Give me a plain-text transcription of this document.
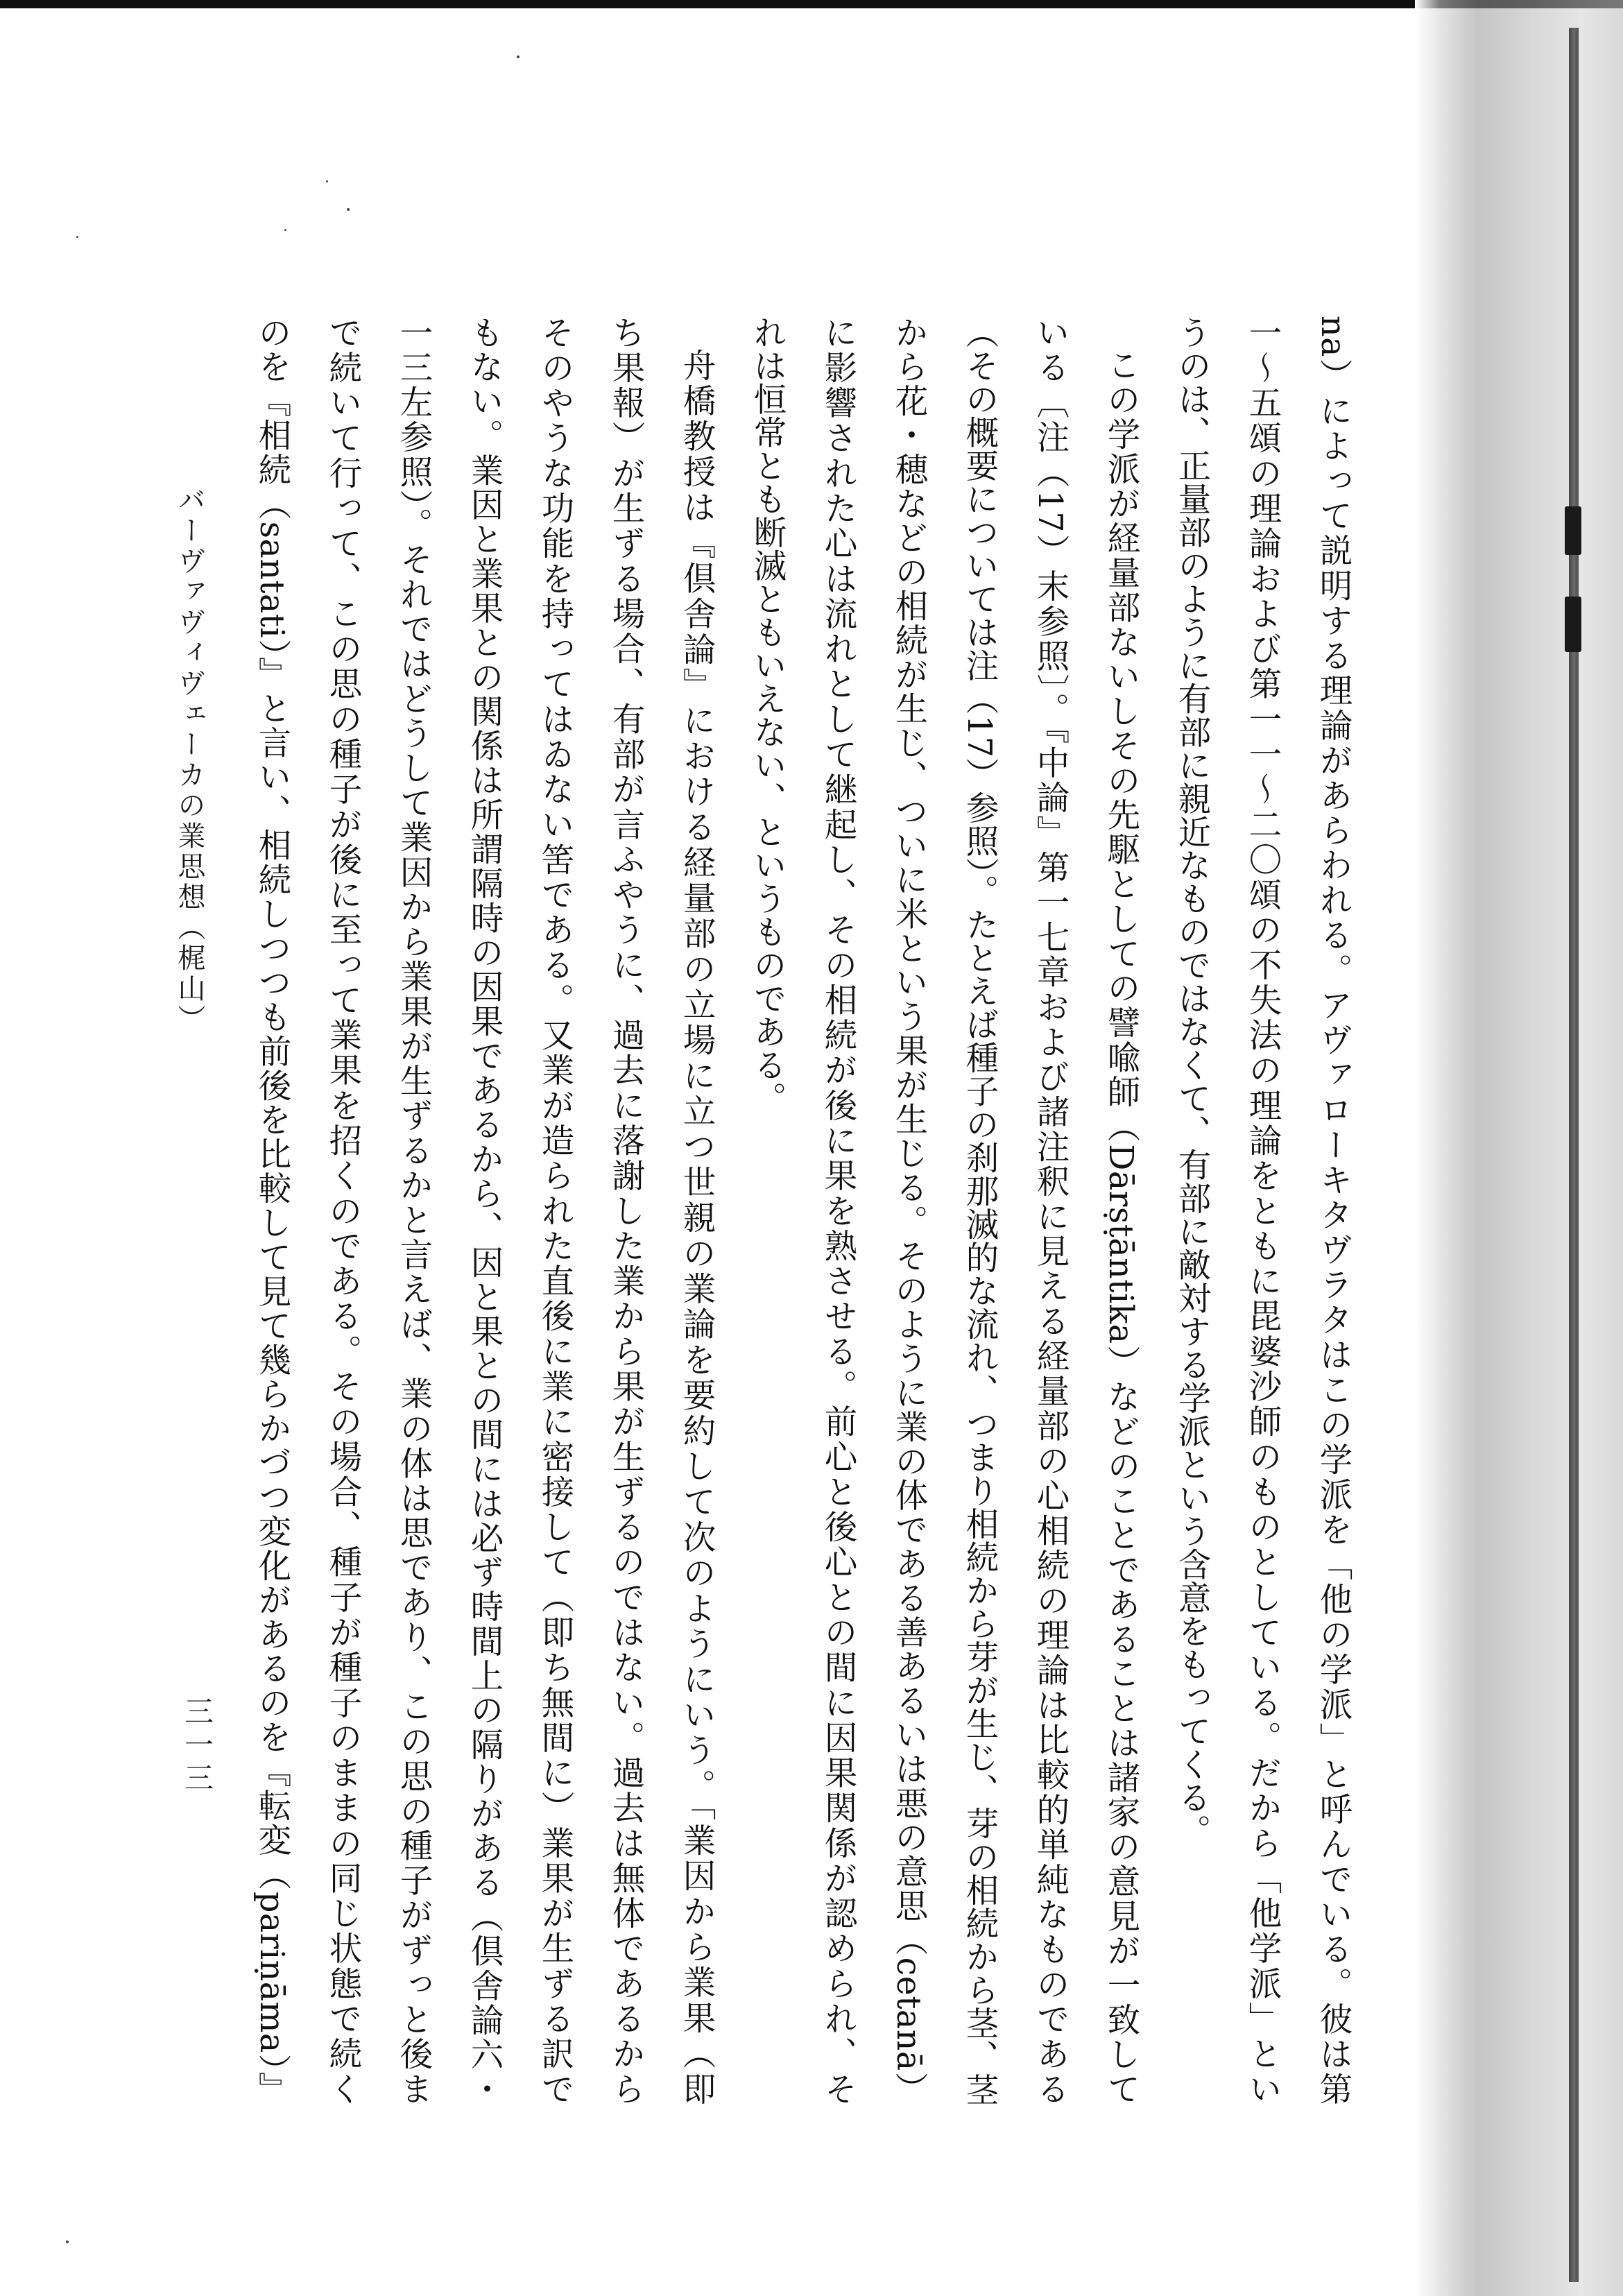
na）によって説明する理論があらわれる。アヴァローキタヴラタはこの学派を「他の学派」と呼んでいる。彼は第
一～五頌の理論および第一一～二〇頌の不失法の理論をともに毘婆沙師のものとしている。だから「他学派」とい
うのは、正量部のように有部に親近なものではなくて、有部に敵対する学派という含意をもってくる。
この学派が経量部ないしその先駆としての譬喩師（Dārṣṭāntika）などのことであることは諸家の意見が一致して
いる〔注（17）末参照〕。『中論』第一七章および諸注釈に見える経量部の心相続の理論は比較的単純なものである
（その概要については注（17）参照）。たとえば種子の刹那滅的な流れ、つまり相続から芽が生じ、芽の相続から茎、茎
から花・穂などの相続が生じ、ついに米という果が生じる。そのように業の体である善あるいは悪の意思（cetanā）
に影響された心は流れとして継起し、その相続が後に果を熟させる。前心と後心との間に因果関係が認められ、そ
れは恒常とも断滅ともいえない、というものである。
舟橋教授は『倶舎論』における経量部の立場に立つ世親の業論を要約して次のようにいう。「業因から業果（即
ち果報）が生ずる場合、有部が言ふやうに、過去に落謝した業から果が生ずるのではない。過去は無体であるから
そのやうな功能を持ってはゐない筈である。又業が造られた直後に業に密接して（即ち無間に）業果が生ずる訳で
もない。業因と業果との関係は所謂隔時の因果であるから、因と果との間には必ず時間上の隔りがある（倶舎論六・
一三左参照）。それではどうして業因から業果が生ずるかと言えば、業の体は思であり、この思の種子がずっと後ま
で続いて行って、この思の種子が後に至って業果を招くのである。その場合、種子が種子のままの同じ状態で続く
のを『相続（santati）』と言い、相続しつつも前後を比較して見て幾らかづつ変化があるのを『転変（pariṇāma）』
バーヴァヴィヴェーカの業思想（梶山）
三一三
